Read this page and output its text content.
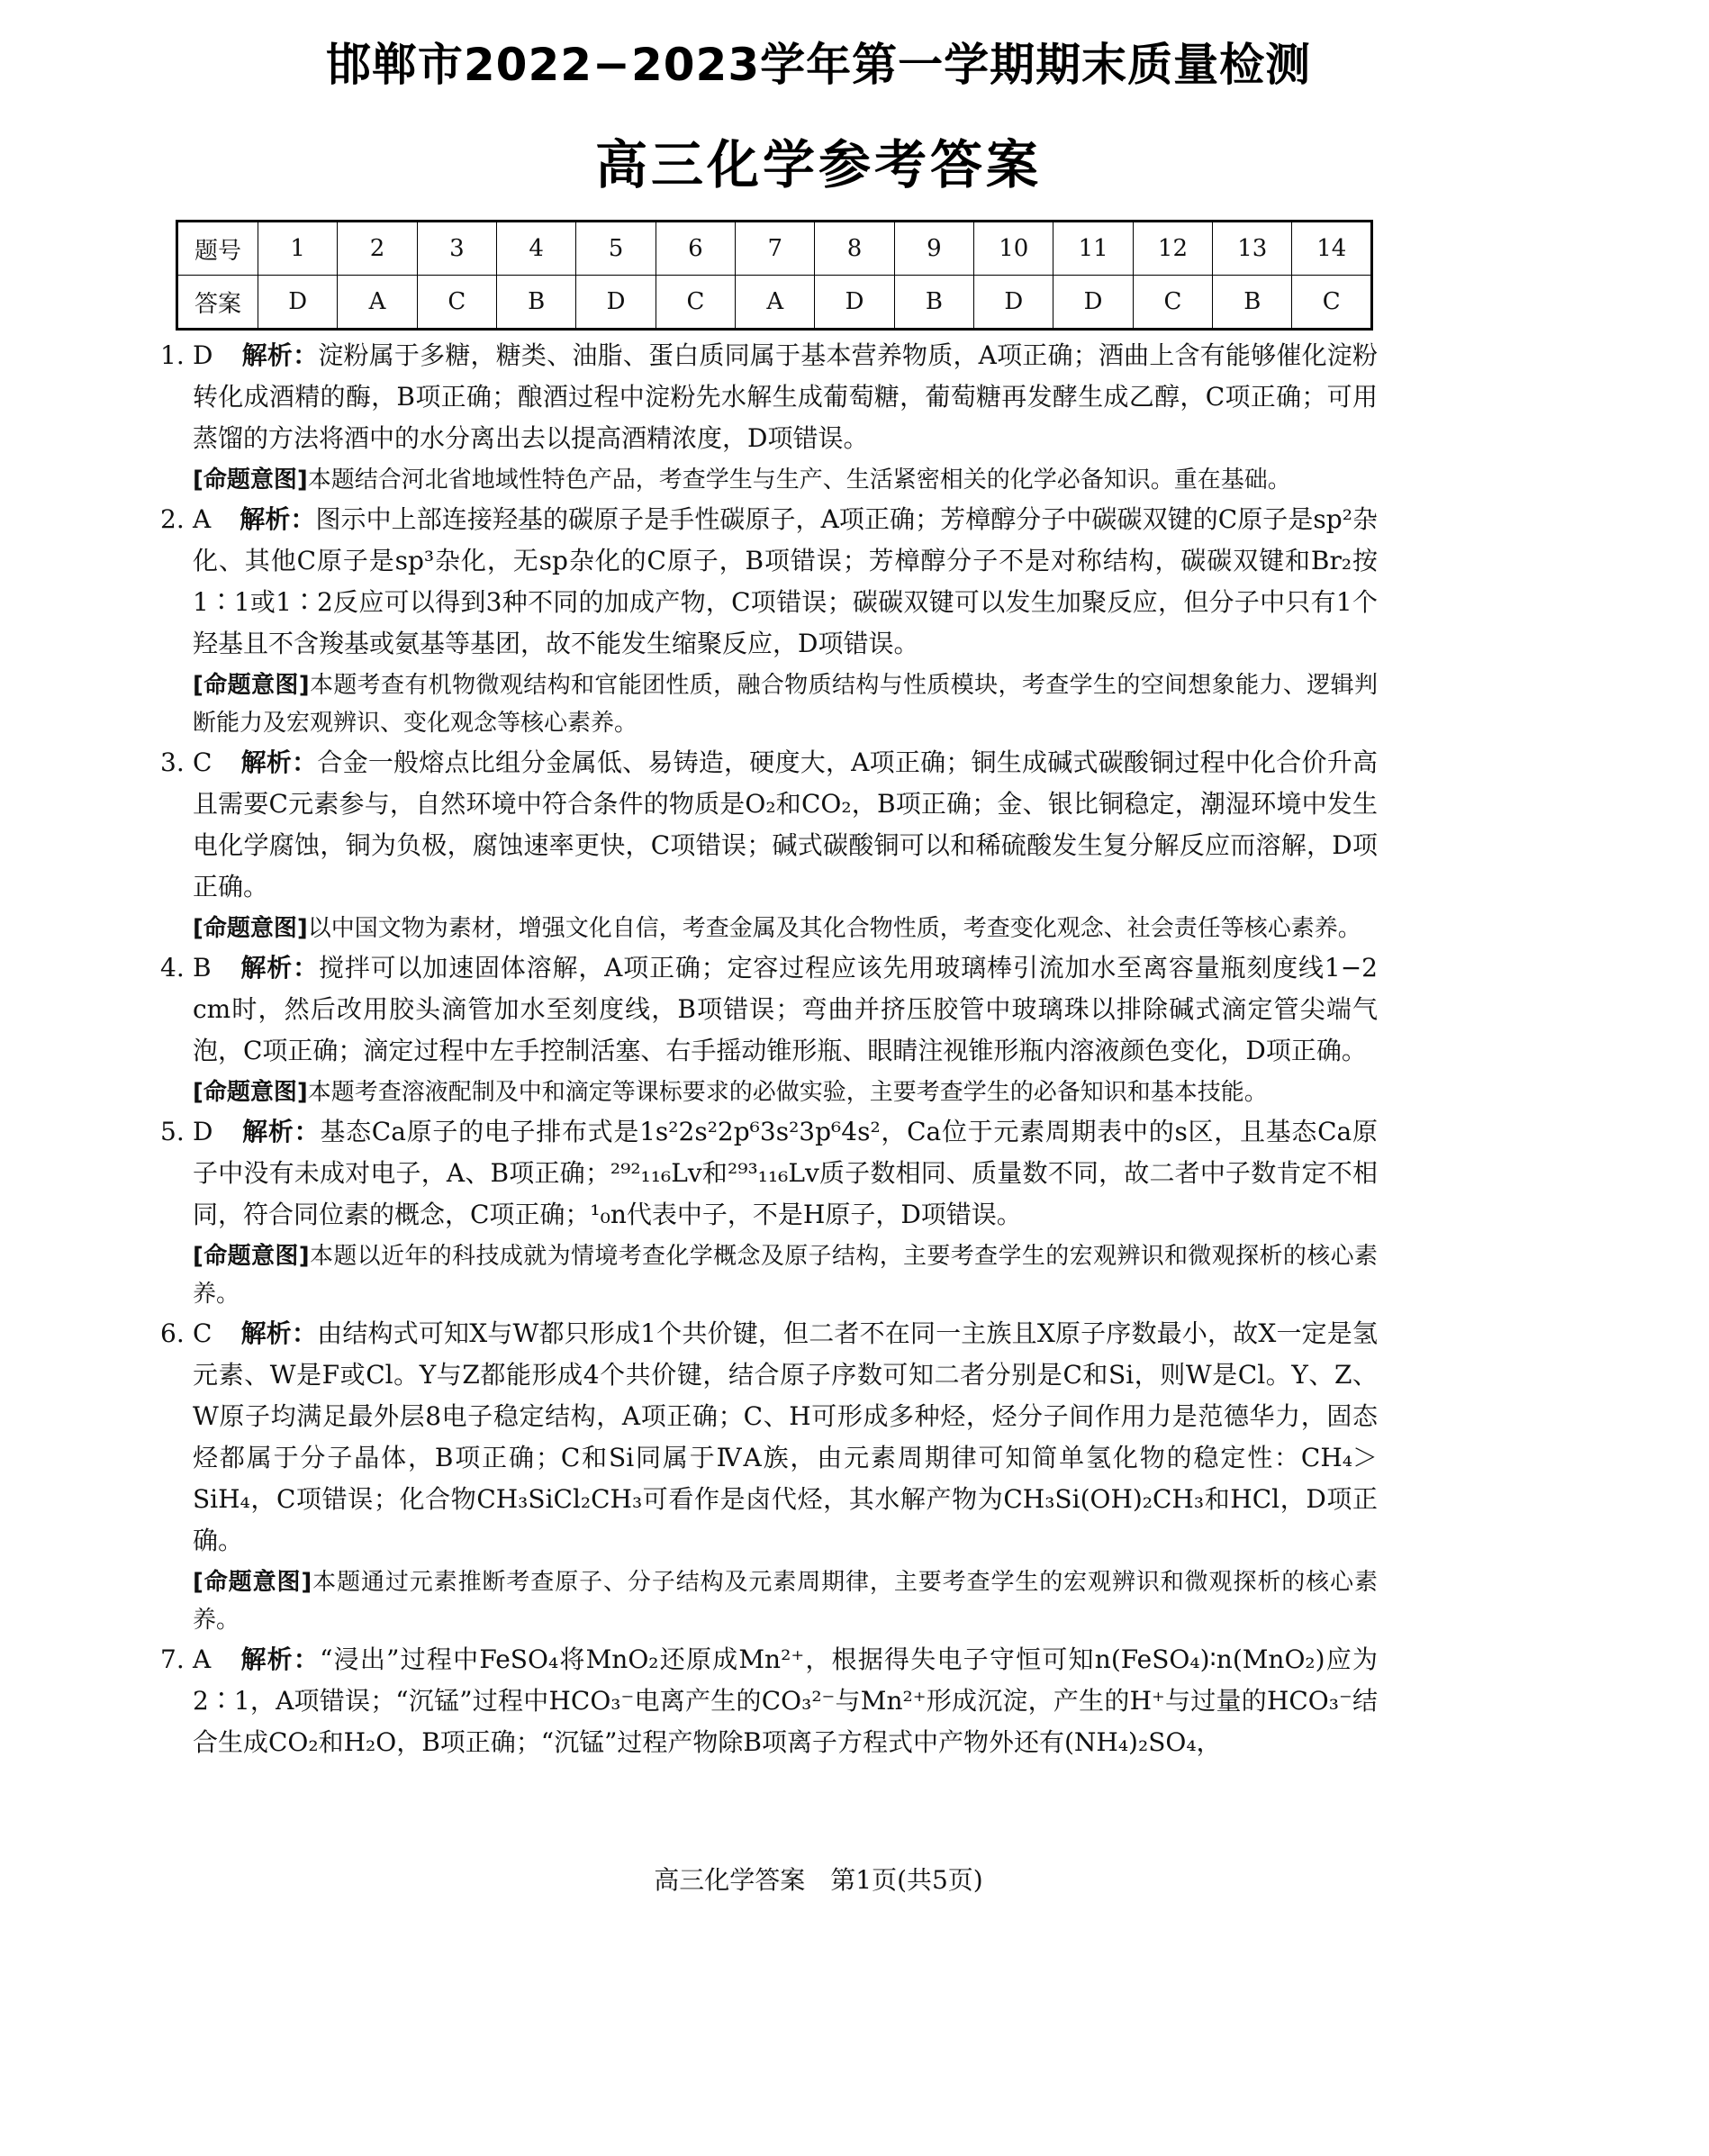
邯郸市2022−2023学年第一学期期末质量检测
高三化学参考答案
题号	1	2	3	4	5	6	7	8	9	10	11	12	13	14
答案	D	A	C	B	D	C	A	D	B	D	D	C	B	C

1. D 解析：淀粉属于多糖，糖类、油脂、蛋白质同属于基本营养物质，A项正确；酒曲上含有能够催化淀粉转化成酒精的酶，B项正确；酿酒过程中淀粉先水解生成葡萄糖，葡萄糖再发酵生成乙醇，C项正确；可用蒸馏的方法将酒中的水分离出去以提高酒精浓度，D项错误。

[命题意图]本题结合河北省地域性特色产品，考查学生与生产、生活紧密相关的化学必备知识。重在基础。

2. A 解析：图示中上部连接羟基的碳原子是手性碳原子，A项正确；芳樟醇分子中碳碳双键的C原子是sp²杂化、其他C原子是sp³杂化，无sp杂化的C原子，B项错误；芳樟醇分子不是对称结构，碳碳双键和Br₂按1∶1或1∶2反应可以得到3种不同的加成产物，C项错误；碳碳双键可以发生加聚反应，但分子中只有1个羟基且不含羧基或氨基等基团，故不能发生缩聚反应，D项错误。

[命题意图]本题考查有机物微观结构和官能团性质，融合物质结构与性质模块，考查学生的空间想象能力、逻辑判断能力及宏观辨识、变化观念等核心素养。

3. C 解析：合金一般熔点比组分金属低、易铸造，硬度大，A项正确；铜生成碱式碳酸铜过程中化合价升高且需要C元素参与，自然环境中符合条件的物质是O₂和CO₂，B项正确；金、银比铜稳定，潮湿环境中发生电化学腐蚀，铜为负极，腐蚀速率更快，C项错误；碱式碳酸铜可以和稀硫酸发生复分解反应而溶解，D项正确。

[命题意图]以中国文物为素材，增强文化自信，考查金属及其化合物性质，考查变化观念、社会责任等核心素养。

4. B 解析：搅拌可以加速固体溶解，A项正确；定容过程应该先用玻璃棒引流加水至离容量瓶刻度线1−2 cm时，然后改用胶头滴管加水至刻度线，B项错误；弯曲并挤压胶管中玻璃珠以排除碱式滴定管尖端气泡，C项正确；滴定过程中左手控制活塞、右手摇动锥形瓶、眼睛注视锥形瓶内溶液颜色变化，D项正确。

[命题意图]本题考查溶液配制及中和滴定等课标要求的必做实验，主要考查学生的必备知识和基本技能。

5. D 解析：基态Ca原子的电子排布式是1s²2s²2p⁶3s²3p⁶4s²，Ca位于元素周期表中的s区，且基态Ca原子中没有未成对电子，A、B项正确；²⁹²₁₁₆Lv和²⁹³₁₁₆Lv质子数相同、质量数不同，故二者中子数肯定不相同，符合同位素的概念，C项正确；¹₀n代表中子，不是H原子，D项错误。

[命题意图]本题以近年的科技成就为情境考查化学概念及原子结构，主要考查学生的宏观辨识和微观探析的核心素养。

6. C 解析：由结构式可知X与W都只形成1个共价键，但二者不在同一主族且X原子序数最小，故X一定是氢元素、W是F或Cl。Y与Z都能形成4个共价键，结合原子序数可知二者分别是C和Si，则W是Cl。Y、Z、W原子均满足最外层8电子稳定结构，A项正确；C、H可形成多种烃，烃分子间作用力是范德华力，固态烃都属于分子晶体，B项正确；C和Si同属于ⅣA族，由元素周期律可知简单氢化物的稳定性：CH₄＞SiH₄，C项错误；化合物CH₃SiCl₂CH₃可看作是卤代烃，其水解产物为CH₃Si(OH)₂CH₃和HCl，D项正确。

[命题意图]本题通过元素推断考查原子、分子结构及元素周期律，主要考查学生的宏观辨识和微观探析的核心素养。

7. A 解析：“浸出”过程中FeSO₄将MnO₂还原成Mn²⁺，根据得失电子守恒可知n(FeSO₄)∶n(MnO₂)应为2∶1，A项错误；“沉锰”过程中HCO₃⁻电离产生的CO₃²⁻与Mn²⁺形成沉淀，产生的H⁺与过量的HCO₃⁻结合生成CO₂和H₂O，B项正确；“沉锰”过程产物除B项离子方程式中产物外还有(NH₄)₂SO₄，

高三化学答案　第1页(共5页)
